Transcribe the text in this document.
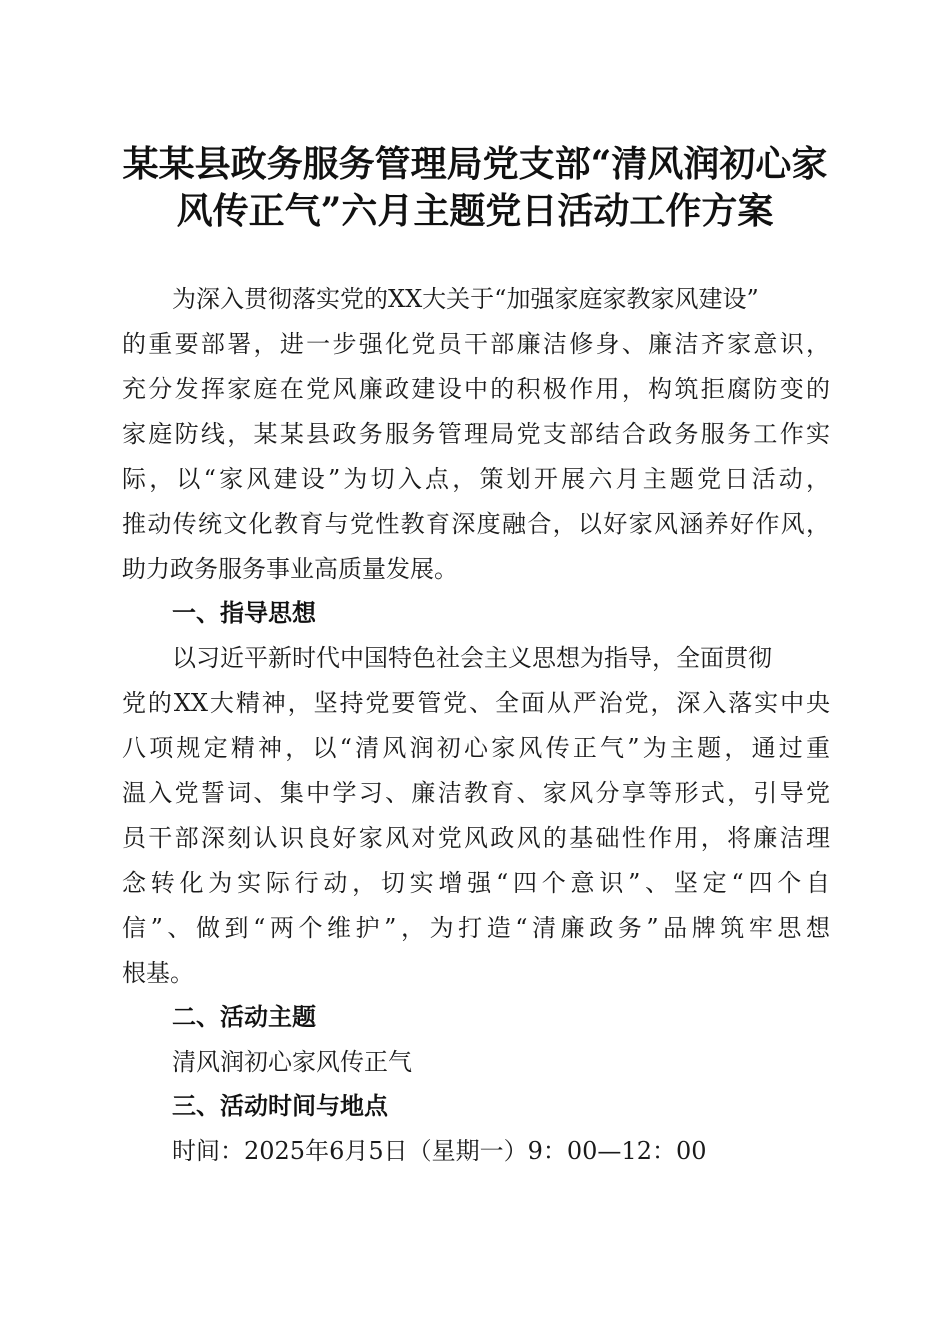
某某县政务服务管理局党支部“清风润初心家
风传正气”六月主题党日活动工作方案
为深入贯彻落实党的XX大关于“加强家庭家教家风建设”
的重要部署，进一步强化党员干部廉洁修身、廉洁齐家意识，
充分发挥家庭在党风廉政建设中的积极作用，构筑拒腐防变的
家庭防线，某某县政务服务管理局党支部结合政务服务工作实
际，以“家风建设”为切入点，策划开展六月主题党日活动，
推动传统文化教育与党性教育深度融合，以好家风涵养好作风，
助力政务服务事业高质量发展。
一、指导思想
以习近平新时代中国特色社会主义思想为指导，全面贯彻
党的XX大精神，坚持党要管党、全面从严治党，深入落实中央
八项规定精神，以“清风润初心家风传正气”为主题，通过重
温入党誓词、集中学习、廉洁教育、家风分享等形式，引导党
员干部深刻认识良好家风对党风政风的基础性作用，将廉洁理
念转化为实际行动，切实增强“四个意识”、坚定“四个自
信”、做到“两个维护”，为打造“清廉政务”品牌筑牢思想
根基。
二、活动主题
清风润初心家风传正气
三、活动时间与地点
时间：2025年6月5日（星期一）9：00—12：00
